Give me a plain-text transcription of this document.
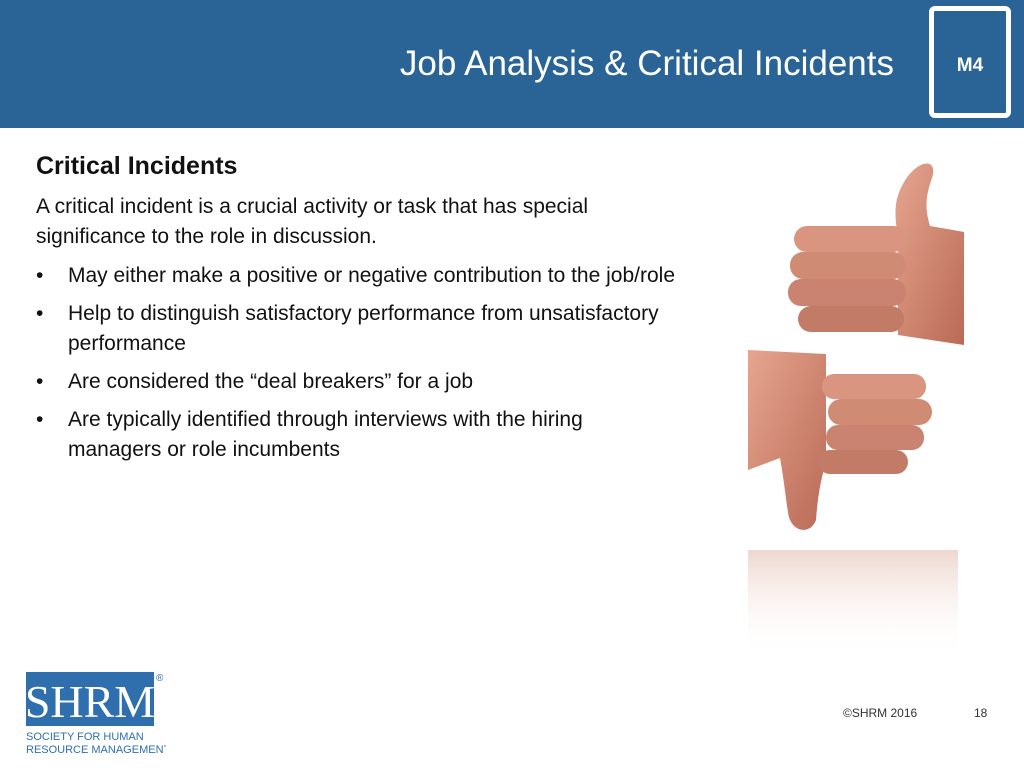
Job Analysis & Critical Incidents	M4
Critical Incidents
A critical incident is a crucial activity or task that has special significance to the role in discussion.
• May either make a positive or negative contribution to the job/role
• Help to distinguish satisfactory performance from unsatisfactory performance
• Are considered the “deal breakers” for a job
• Are typically identified through interviews with the hiring managers or role incumbents
SHRM ®
SOCIETY FOR HUMAN
RESOURCE MANAGEMENT
©SHRM 2016	18
